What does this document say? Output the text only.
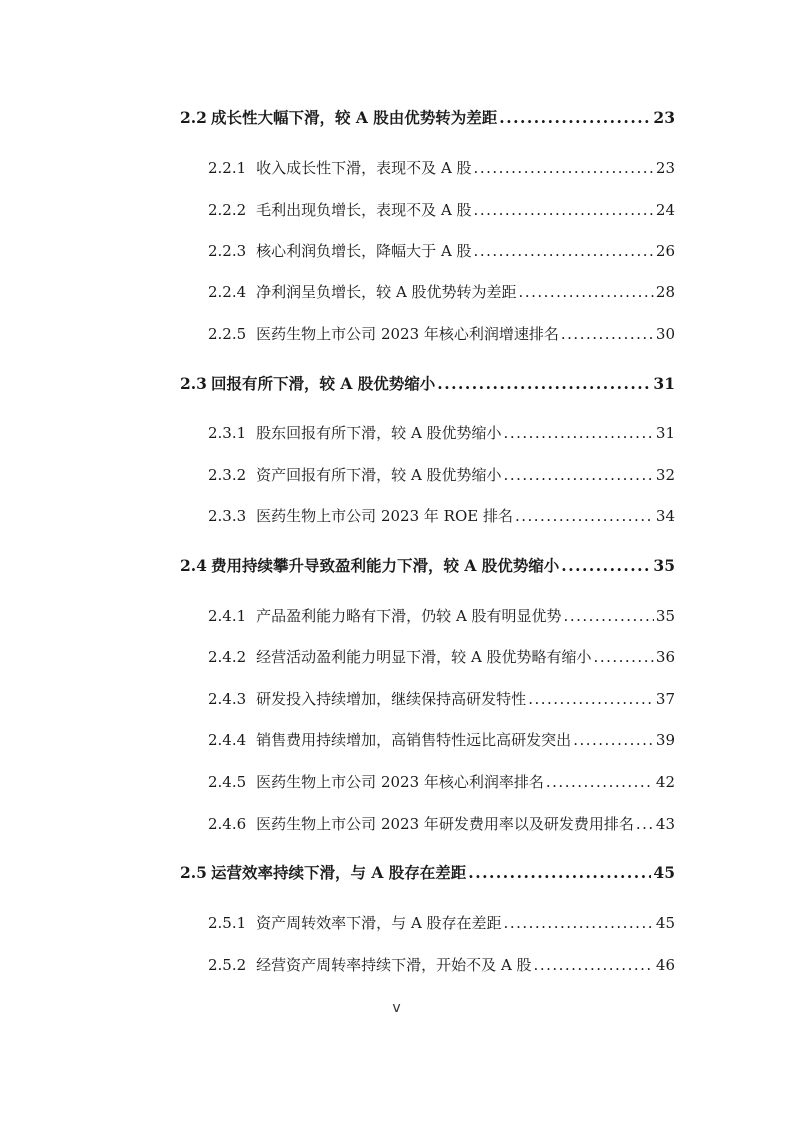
2.2 成长性大幅下滑，较 A 股由优势转为差距 .....	23
2.2.1 收入成长性下滑，表现不及 A 股 .....	23
2.2.2 毛利出现负增长，表现不及 A 股 .....	24
2.2.3 核心利润负增长，降幅大于 A 股 .....	26
2.2.4 净利润呈负增长，较 A 股优势转为差距 .....	28
2.2.5 医药生物上市公司 2023 年核心利润增速排名 .....	30
2.3 回报有所下滑，较 A 股优势缩小 .....	31
2.3.1 股东回报有所下滑，较 A 股优势缩小 .....	31
2.3.2 资产回报有所下滑，较 A 股优势缩小 .....	32
2.3.3 医药生物上市公司 2023 年 ROE 排名 .....	34
2.4 费用持续攀升导致盈利能力下滑，较 A 股优势缩小 .....	35
2.4.1 产品盈利能力略有下滑，仍较 A 股有明显优势 .....	35
2.4.2 经营活动盈利能力明显下滑，较 A 股优势略有缩小 .....	36
2.4.3 研发投入持续增加，继续保持高研发特性 .....	37
2.4.4 销售费用持续增加，高销售特性远比高研发突出 .....	39
2.4.5 医药生物上市公司 2023 年核心利润率排名 .....	42
2.4.6 医药生物上市公司 2023 年研发费用率以及研发费用排名 ..... 43
2.5 运营效率持续下滑，与 A 股存在差距 .....	45
2.5.1 资产周转效率下滑，与 A 股存在差距 .....	45
2.5.2 经营资产周转率持续下滑，开始不及 A 股 .....	46
v
